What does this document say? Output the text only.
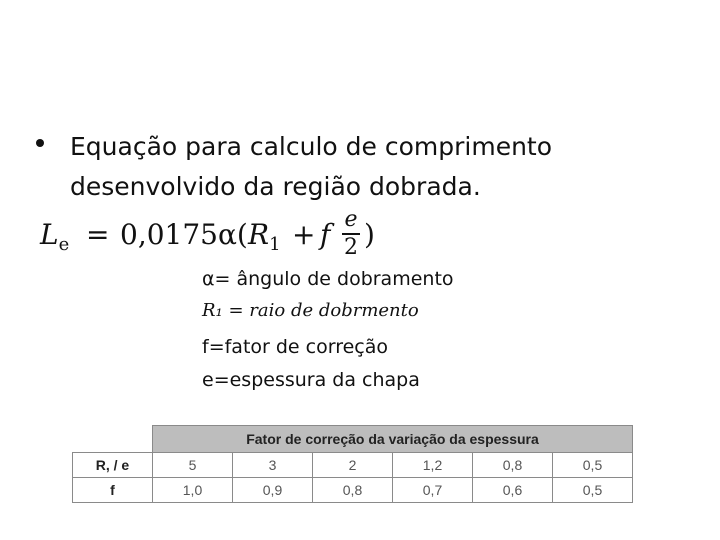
Equação para calculo de comprimento
desenvolvido da região dobrada.
$L_e = 0,0175\alpha$( $R_1 + f$ e
2 )
α= ângulo de dobramento
R₁ = raio de dobrmento
f=fator de correção
e=espessura da chapa
	Fator de correção da variação da espessura					
R, / e	5	3	2	1,2	0,8	0,5
f	1,0	0,9	0,8	0,7	0,6	0,5
